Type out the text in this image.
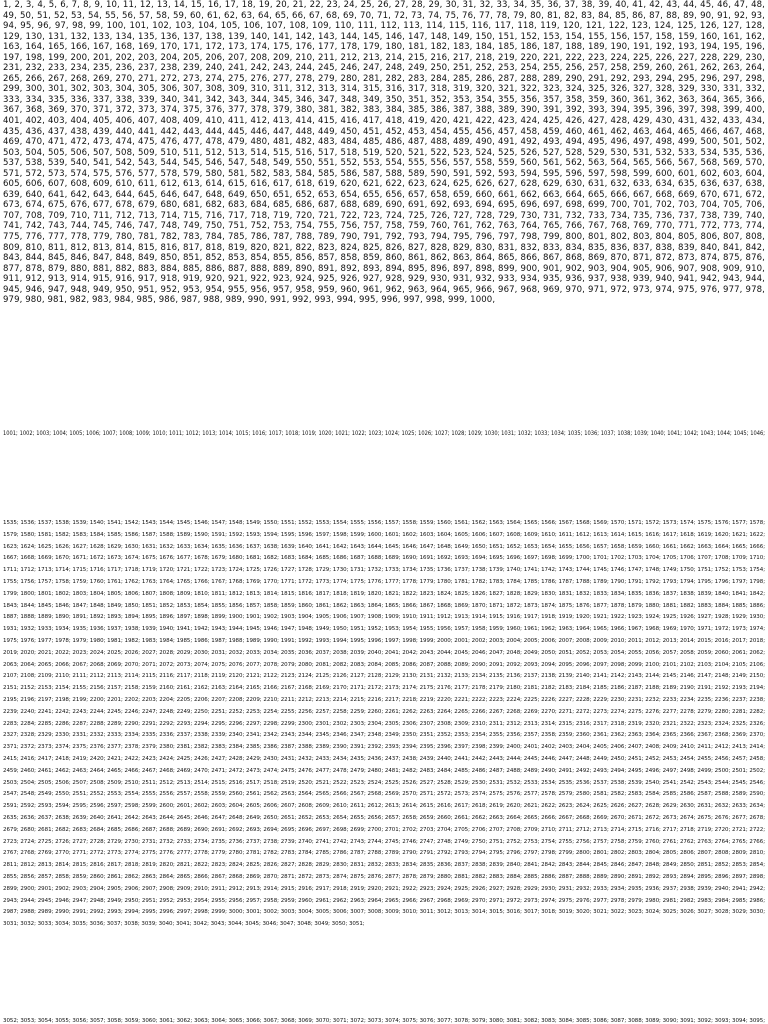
1, 2, 3, 4, 5, 6, 7, 8, 9, 10, 11, 12, 13, 14, 15, 16, 17, 18, 19, 20, 21, 22, 23, 24, 25, 26, 27, 28, 29, 30, 31, 32, 33, 34, 35, 36, 37, 38, 39, 40, 41, 42, 43, 44, 45, 46, 47, 48, 49, 50, 51, 52, 53, 54, 55, 56, 57, 58, 59, 60, 61, 62, 63, 64, 65, 66, 67, 68, 69, 70, 71, 72, 73, 74, 75, 76, 77, 78, 79, 80, 81, 82, 83, 84, 85, 86, 87, 88, 89, 90, 91, 92, 93, 94, 95, 96, 97, 98, 99, 100, 101, 102, 103, 104, 105, 106, 107, 108, 109, 110, 111, 112, 113, 114, 115, 116, 117, 118, 119, 120, 121, 122, 123, 124, 125, 126, 127, 128, 129, 130, 131, 132, 133, 134, 135, 136, 137, 138, 139, 140, 141, 142, 143, 144, 145, 146, 147, 148, 149, 150, 151, 152, 153, 154, 155, 156, 157, 158, 159, 160, 161, 162, 163, 164, 165, 166, 167, 168, 169, 170, 171, 172, 173, 174, 175, 176, 177, 178, 179, 180, 181, 182, 183, 184, 185, 186, 187, 188, 189, 190, 191, 192, 193, 194, 195, 196, 197, 198, 199, 200, 201, 202, 203, 204, 205, 206, 207, 208, 209, 210, 211, 212, 213, 214, 215, 216, 217, 218, 219, 220, 221, 222, 223, 224, 225, 226, 227, 228, 229, 230, 231, 232, 233, 234, 235, 236, 237, 238, 239, 240, 241, 242, 243, 244, 245, 246, 247, 248, 249, 250, 251, 252, 253, 254, 255, 256, 257, 258, 259, 260, 261, 262, 263, 264, 265, 266, 267, 268, 269, 270, 271, 272, 273, 274, 275, 276, 277, 278, 279, 280, 281, 282, 283, 284, 285, 286, 287, 288, 289, 290, 291, 292, 293, 294, 295, 296, 297, 298, 299, 300, 301, 302, 303, 304, 305, 306, 307, 308, 309, 310, 311, 312, 313, 314, 315, 316, 317, 318, 319, 320, 321, 322, 323, 324, 325, 326, 327, 328, 329, 330, 331, 332, 333, 334, 335, 336, 337, 338, 339, 340, 341, 342, 343, 344, 345, 346, 347, 348, 349, 350, 351, 352, 353, 354, 355, 356, 357, 358, 359, 360, 361, 362, 363, 364, 365, 366, 367, 368, 369, 370, 371, 372, 373, 374, 375, 376, 377, 378, 379, 380, 381, 382, 383, 384, 385, 386, 387, 388, 389, 390, 391, 392, 393, 394, 395, 396, 397, 398, 399, 400, 401, 402, 403, 404, 405, 406, 407, 408, 409, 410, 411, 412, 413, 414, 415, 416, 417, 418, 419, 420, 421, 422, 423, 424, 425, 426, 427, 428, 429, 430, 431, 432, 433, 434, 435, 436, 437, 438, 439, 440, 441, 442, 443, 444, 445, 446, 447, 448, 449, 450, 451, 452, 453, 454, 455, 456, 457, 458, 459, 460, 461, 462, 463, 464, 465, 466, 467, 468, 469, 470, 471, 472, 473, 474, 475, 476, 477, 478, 479, 480, 481, 482, 483, 484, 485, 486, 487, 488, 489, 490, 491, 492, 493, 494, 495, 496, 497, 498, 499, 500, 501, 502, 503, 504, 505, 506, 507, 508, 509, 510, 511, 512, 513, 514, 515, 516, 517, 518, 519, 520, 521, 522, 523, 524, 525, 526, 527, 528, 529, 530, 531, 532, 533, 534, 535, 536, 537, 538, 539, 540, 541, 542, 543, 544, 545, 546, 547, 548, 549, 550, 551, 552, 553, 554, 555, 556, 557, 558, 559, 560, 561, 562, 563, 564, 565, 566, 567, 568, 569, 570, 571, 572, 573, 574, 575, 576, 577, 578, 579, 580, 581, 582, 583, 584, 585, 586, 587, 588, 589, 590, 591, 592, 593, 594, 595, 596, 597, 598, 599, 600, 601, 602, 603, 604, 605, 606, 607, 608, 609, 610, 611, 612, 613, 614, 615, 616, 617, 618, 619, 620, 621, 622, 623, 624, 625, 626, 627, 628, 629, 630, 631, 632, 633, 634, 635, 636, 637, 638, 639, 640, 641, 642, 643, 644, 645, 646, 647, 648, 649, 650, 651, 652, 653, 654, 655, 656, 657, 658, 659, 660, 661, 662, 663, 664, 665, 666, 667, 668, 669, 670, 671, 672, 673, 674, 675, 676, 677, 678, 679, 680, 681, 682, 683, 684, 685, 686, 687, 688, 689, 690, 691, 692, 693, 694, 695, 696, 697, 698, 699, 700, 701, 702, 703, 704, 705, 706, 707, 708, 709, 710, 711, 712, 713, 714, 715, 716, 717, 718, 719, 720, 721, 722, 723, 724, 725, 726, 727, 728, 729, 730, 731, 732, 733, 734, 735, 736, 737, 738, 739, 740, 741, 742, 743, 744, 745, 746, 747, 748, 749, 750, 751, 752, 753, 754, 755, 756, 757, 758, 759, 760, 761, 762, 763, 764, 765, 766, 767, 768, 769, 770, 771, 772, 773, 774, 775, 776, 777, 778, 779, 780, 781, 782, 783, 784, 785, 786, 787, 788, 789, 790, 791, 792, 793, 794, 795, 796, 797, 798, 799, 800, 801, 802, 803, 804, 805, 806, 807, 808, 809, 810, 811, 812, 813, 814, 815, 816, 817, 818, 819, 820, 821, 822, 823, 824, 825, 826, 827, 828, 829, 830, 831, 832, 833, 834, 835, 836, 837, 838, 839, 840, 841, 842, 843, 844, 845, 846, 847, 848, 849, 850, 851, 852, 853, 854, 855, 856, 857, 858, 859, 860, 861, 862, 863, 864, 865, 866, 867, 868, 869, 870, 871, 872, 873, 874, 875, 876, 877, 878, 879, 880, 881, 882, 883, 884, 885, 886, 887, 888, 889, 890, 891, 892, 893, 894, 895, 896, 897, 898, 899, 900, 901, 902, 903, 904, 905, 906, 907, 908, 909, 910, 911, 912, 913, 914, 915, 916, 917, 918, 919, 920, 921, 922, 923, 924, 925, 926, 927, 928, 929, 930, 931, 932, 933, 934, 935, 936, 937, 938, 939, 940, 941, 942, 943, 944, 945, 946, 947, 948, 949, 950, 951, 952, 953, 954, 955, 956, 957, 958, 959, 960, 961, 962, 963, 964, 965, 966, 967, 968, 969, 970, 971, 972, 973, 974, 975, 976, 977, 978, 979, 980, 981, 982, 983, 984, 985, 986, 987, 988, 989, 990, 991, 992, 993, 994, 995, 996, 997, 998, 999, 1000,

1001; 1002; 1003; 1004; 1005; 1006; 1007; 1008; 1009; 1010; 1011; 1012; 1013; 1014; 1015; 1016; 1017; 1018; 1019; 1020; 1021; 1022; 1023; 1024; 1025; 1026; 1027; 1028; 1029; 1030; 1031; 1032; 1033; 1034; 1035; 1036; 1037; 1038; 1039; 1040; 1041; 1042; 1043; 1044; 1045; 1046;

1535; 1536; 1537; 1538; 1539; 1540; 1541; 1542; 1543; 1544; 1545; 1546; 1547; 1548; 1549; 1550; 1551; 1552; 1553; 1554; 1555; 1556; 1557; 1558; 1559; 1560; 1561; 1562; 1563; 1564; 1565; 1566; 1567; 1568; 1569; 1570; 1571; 1572; 1573; 1574; 1575; 1576; 1577; 1578; 1579; 1580; 1581; 1582; 1583; 1584; 1585; 1586; 1587; 1588; 1589; 1590; 1591; 1592; 1593; 1594; 1595; 1596; 1597; 1598; 1599; 1600; 1601; 1602; 1603; 1604; 1605; 1606; 1607; 1608; 1609; 1610; 1611; 1612; 1613; 1614; 1615; 1616; 1617; 1618; 1619; 1620; 1621; 1622; 1623; 1624; 1625; 1626; 1627; 1628; 1629; 1630; 1631; 1632; 1633; 1634; 1635; 1636; 1637; 1638; 1639; 1640; 1641; 1642; 1643; 1644; 1645; 1646; 1647; 1648; 1649; 1650; 1651; 1652; 1653; 1654; 1655; 1656; 1657; 1658; 1659; 1660; 1661; 1662; 1663; 1664; 1665; 1666; 1667; 1668; 1669; 1670; 1671; 1672; 1673; 1674; 1675; 1676; 1677; 1678; 1679; 1680; 1681; 1682; 1683; 1684; 1685; 1686; 1687; 1688; 1689; 1690; 1691; 1692; 1693; 1694; 1695; 1696; 1697; 1698; 1699; 1700; 1701; 1702; 1703; 1704; 1705; 1706; 1707; 1708; 1709; 1710; 1711; 1712; 1713; 1714; 1715; 1716; 1717; 1718; 1719; 1720; 1721; 1722; 1723; 1724; 1725; 1726; 1727; 1728; 1729; 1730; 1731; 1732; 1733; 1734; 1735; 1736; 1737; 1738; 1739; 1740; 1741; 1742; 1743; 1744; 1745; 1746; 1747; 1748; 1749; 1750; 1751; 1752; 1753; 1754; 1755; 1756; 1757; 1758; 1759; 1760; 1761; 1762; 1763; 1764; 1765; 1766; 1767; 1768; 1769; 1770; 1771; 1772; 1773; 1774; 1775; 1776; 1777; 1778; 1779; 1780; 1781; 1782; 1783; 1784; 1785; 1786; 1787; 1788; 1789; 1790; 1791; 1792; 1793; 1794; 1795; 1796; 1797; 1798; 1799; 1800; 1801; 1802; 1803; 1804; 1805; 1806; 1807; 1808; 1809; 1810; 1811; 1812; 1813; 1814; 1815; 1816; 1817; 1818; 1819; 1820; 1821; 1822; 1823; 1824; 1825; 1826; 1827; 1828; 1829; 1830; 1831; 1832; 1833; 1834; 1835; 1836; 1837; 1838; 1839; 1840; 1841; 1842; 1843; 1844; 1845; 1846; 1847; 1848; 1849; 1850; 1851; 1852; 1853; 1854; 1855; 1856; 1857; 1858; 1859; 1860; 1861; 1862; 1863; 1864; 1865; 1866; 1867; 1868; 1869; 1870; 1871; 1872; 1873; 1874; 1875; 1876; 1877; 1878; 1879; 1880; 1881; 1882; 1883; 1884; 1885; 1886; 1887; 1888; 1889; 1890; 1891; 1892; 1893; 1894; 1895; 1896; 1897; 1898; 1899; 1900; 1901; 1902; 1903; 1904; 1905; 1906; 1907; 1908; 1909; 1910; 1911; 1912; 1913; 1914; 1915; 1916; 1917; 1918; 1919; 1920; 1921; 1922; 1923; 1924; 1925; 1926; 1927; 1928; 1929; 1930; 1931; 1932; 1933; 1934; 1935; 1936; 1937; 1938; 1939; 1940; 1941; 1942; 1943; 1944; 1945; 1946; 1947; 1948; 1949; 1950; 1951; 1952; 1953; 1954; 1955; 1956; 1957; 1958; 1959; 1960; 1961; 1962; 1963; 1964; 1965; 1966; 1967; 1968; 1969; 1970; 1971; 1972; 1973; 1974; 1975; 1976; 1977; 1978; 1979; 1980; 1981; 1982; 1983; 1984; 1985; 1986; 1987; 1988; 1989; 1990; 1991; 1992; 1993; 1994; 1995; 1996; 1997; 1998; 1999; 2000; 2001; 2002; 2003; 2004; 2005; 2006; 2007; 2008; 2009; 2010; 2011; 2012; 2013; 2014; 2015; 2016; 2017; 2018; 2019; 2020; 2021; 2022; 2023; 2024; 2025; 2026; 2027; 2028; 2029; 2030; 2031; 2032; 2033; 2034; 2035; 2036; 2037; 2038; 2039; 2040; 2041; 2042; 2043; 2044; 2045; 2046; 2047; 2048; 2049; 2050; 2051; 2052; 2053; 2054; 2055; 2056; 2057; 2058; 2059; 2060; 2061; 2062; 2063; 2064; 2065; 2066; 2067; 2068; 2069; 2070; 2071; 2072; 2073; 2074; 2075; 2076; 2077; 2078; 2079; 2080; 2081; 2082; 2083; 2084; 2085; 2086; 2087; 2088; 2089; 2090; 2091; 2092; 2093; 2094; 2095; 2096; 2097; 2098; 2099; 2100; 2101; 2102; 2103; 2104; 2105; 2106; 2107; 2108; 2109; 2110; 2111; 2112; 2113; 2114; 2115; 2116; 2117; 2118; 2119; 2120; 2121; 2122; 2123; 2124; 2125; 2126; 2127; 2128; 2129; 2130; 2131; 2132; 2133; 2134; 2135; 2136; 2137; 2138; 2139; 2140; 2141; 2142; 2143; 2144; 2145; 2146; 2147; 2148; 2149; 2150; 2151; 2152; 2153; 2154; 2155; 2156; 2157; 2158; 2159; 2160; 2161; 2162; 2163; 2164; 2165; 2166; 2167; 2168; 2169; 2170; 2171; 2172; 2173; 2174; 2175; 2176; 2177; 2178; 2179; 2180; 2181; 2182; 2183; 2184; 2185; 2186; 2187; 2188; 2189; 2190; 2191; 2192; 2193; 2194; 2195; 2196; 2197; 2198; 2199; 2200; 2201; 2202; 2203; 2204; 2205; 2206; 2207; 2208; 2209; 2210; 2211; 2212; 2213; 2214; 2215; 2216; 2217; 2218; 2219; 2220; 2221; 2222; 2223; 2224; 2225; 2226; 2227; 2228; 2229; 2230; 2231; 2232; 2233; 2234; 2235; 2236; 2237; 2238; 2239; 2240; 2241; 2242; 2243; 2244; 2245; 2246; 2247; 2248; 2249; 2250; 2251; 2252; 2253; 2254; 2255; 2256; 2257; 2258; 2259; 2260; 2261; 2262; 2263; 2264; 2265; 2266; 2267; 2268; 2269; 2270; 2271; 2272; 2273; 2274; 2275; 2276; 2277; 2278; 2279; 2280; 2281; 2282; 2283; 2284; 2285; 2286; 2287; 2288; 2289; 2290; 2291; 2292; 2293; 2294; 2295; 2296; 2297; 2298; 2299; 2300; 2301; 2302; 2303; 2304; 2305; 2306; 2307; 2308; 2309; 2310; 2311; 2312; 2313; 2314; 2315; 2316; 2317; 2318; 2319; 2320; 2321; 2322; 2323; 2324; 2325; 2326; 2327; 2328; 2329; 2330; 2331; 2332; 2333; 2334; 2335; 2336; 2337; 2338; 2339; 2340; 2341; 2342; 2343; 2344; 2345; 2346; 2347; 2348; 2349; 2350; 2351; 2352; 2353; 2354; 2355; 2356; 2357; 2358; 2359; 2360; 2361; 2362; 2363; 2364; 2365; 2366; 2367; 2368; 2369; 2370; 2371; 2372; 2373; 2374; 2375; 2376; 2377; 2378; 2379; 2380; 2381; 2382; 2383; 2384; 2385; 2386; 2387; 2388; 2389; 2390; 2391; 2392; 2393; 2394; 2395; 2396; 2397; 2398; 2399; 2400; 2401; 2402; 2403; 2404; 2405; 2406; 2407; 2408; 2409; 2410; 2411; 2412; 2413; 2414; 2415; 2416; 2417; 2418; 2419; 2420; 2421; 2422; 2423; 2424; 2425; 2426; 2427; 2428; 2429; 2430; 2431; 2432; 2433; 2434; 2435; 2436; 2437; 2438; 2439; 2440; 2441; 2442; 2443; 2444; 2445; 2446; 2447; 2448; 2449; 2450; 2451; 2452; 2453; 2454; 2455; 2456; 2457; 2458; 2459; 2460; 2461; 2462; 2463; 2464; 2465; 2466; 2467; 2468; 2469; 2470; 2471; 2472; 2473; 2474; 2475; 2476; 2477; 2478; 2479; 2480; 2481; 2482; 2483; 2484; 2485; 2486; 2487; 2488; 2489; 2490; 2491; 2492; 2493; 2494; 2495; 2496; 2497; 2498; 2499; 2500; 2501; 2502; 2503; 2504; 2505; 2506; 2507; 2508; 2509; 2510; 2511; 2512; 2513; 2514; 2515; 2516; 2517; 2518; 2519; 2520; 2521; 2522; 2523; 2524; 2525; 2526; 2527; 2528; 2529; 2530; 2531; 2532; 2533; 2534; 2535; 2536; 2537; 2538; 2539; 2540; 2541; 2542; 2543; 2544; 2545; 2546; 2547; 2548; 2549; 2550; 2551; 2552; 2553; 2554; 2555; 2556; 2557; 2558; 2559; 2560; 2561; 2562; 2563; 2564; 2565; 2566; 2567; 2568; 2569; 2570; 2571; 2572; 2573; 2574; 2575; 2576; 2577; 2578; 2579; 2580; 2581; 2582; 2583; 2584; 2585; 2586; 2587; 2588; 2589; 2590; 2591; 2592; 2593; 2594; 2595; 2596; 2597; 2598; 2599; 2600; 2601; 2602; 2603; 2604; 2605; 2606; 2607; 2608; 2609; 2610; 2611; 2612; 2613; 2614; 2615; 2616; 2617; 2618; 2619; 2620; 2621; 2622; 2623; 2624; 2625; 2626; 2627; 2628; 2629; 2630; 2631; 2632; 2633; 2634; 2635; 2636; 2637; 2638; 2639; 2640; 2641; 2642; 2643; 2644; 2645; 2646; 2647; 2648; 2649; 2650; 2651; 2652; 2653; 2654; 2655; 2656; 2657; 2658; 2659; 2660; 2661; 2662; 2663; 2664; 2665; 2666; 2667; 2668; 2669; 2670; 2671; 2672; 2673; 2674; 2675; 2676; 2677; 2678; 2679; 2680; 2681; 2682; 2683; 2684; 2685; 2686; 2687; 2688; 2689; 2690; 2691; 2692; 2693; 2694; 2695; 2696; 2697; 2698; 2699; 2700; 2701; 2702; 2703; 2704; 2705; 2706; 2707; 2708; 2709; 2710; 2711; 2712; 2713; 2714; 2715; 2716; 2717; 2718; 2719; 2720; 2721; 2722; 2723; 2724; 2725; 2726; 2727; 2728; 2729; 2730; 2731; 2732; 2733; 2734; 2735; 2736; 2737; 2738; 2739; 2740; 2741; 2742; 2743; 2744; 2745; 2746; 2747; 2748; 2749; 2750; 2751; 2752; 2753; 2754; 2755; 2756; 2757; 2758; 2759; 2760; 2761; 2762; 2763; 2764; 2765; 2766; 2767; 2768; 2769; 2770; 2771; 2772; 2773; 2774; 2775; 2776; 2777; 2778; 2779; 2780; 2781; 2782; 2783; 2784; 2785; 2786; 2787; 2788; 2789; 2790; 2791; 2792; 2793; 2794; 2795; 2796; 2797; 2798; 2799; 2800; 2801; 2802; 2803; 2804; 2805; 2806; 2807; 2808; 2809; 2810; 2811; 2812; 2813; 2814; 2815; 2816; 2817; 2818; 2819; 2820; 2821; 2822; 2823; 2824; 2825; 2826; 2827; 2828; 2829; 2830; 2831; 2832; 2833; 2834; 2835; 2836; 2837; 2838; 2839; 2840; 2841; 2842; 2843; 2844; 2845; 2846; 2847; 2848; 2849; 2850; 2851; 2852; 2853; 2854; 2855; 2856; 2857; 2858; 2859; 2860; 2861; 2862; 2863; 2864; 2865; 2866; 2867; 2868; 2869; 2870; 2871; 2872; 2873; 2874; 2875; 2876; 2877; 2878; 2879; 2880; 2881; 2882; 2883; 2884; 2885; 2886; 2887; 2888; 2889; 2890; 2891; 2892; 2893; 2894; 2895; 2896; 2897; 2898; 2899; 2900; 2901; 2902; 2903; 2904; 2905; 2906; 2907; 2908; 2909; 2910; 2911; 2912; 2913; 2914; 2915; 2916; 2917; 2918; 2919; 2920; 2921; 2922; 2923; 2924; 2925; 2926; 2927; 2928; 2929; 2930; 2931; 2932; 2933; 2934; 2935; 2936; 2937; 2938; 2939; 2940; 2941; 2942; 2943; 2944; 2945; 2946; 2947; 2948; 2949; 2950; 2951; 2952; 2953; 2954; 2955; 2956; 2957; 2958; 2959; 2960; 2961; 2962; 2963; 2964; 2965; 2966; 2967; 2968; 2969; 2970; 2971; 2972; 2973; 2974; 2975; 2976; 2977; 2978; 2979; 2980; 2981; 2982; 2983; 2984; 2985; 2986; 2987; 2988; 2989; 2990; 2991; 2992; 2993; 2994; 2995; 2996; 2997; 2998; 2999; 3000; 3001; 3002; 3003; 3004; 3005; 3006; 3007; 3008; 3009; 3010; 3011; 3012; 3013; 3014; 3015; 3016; 3017; 3018; 3019; 3020; 3021; 3022; 3023; 3024; 3025; 3026; 3027; 3028; 3029; 3030; 3031; 3032; 3033; 3034; 3035; 3036; 3037; 3038; 3039; 3040; 3041; 3042; 3043; 3044; 3045; 3046; 3047; 3048; 3049; 3050; 3051;

3052; 3053; 3054; 3055; 3056; 3057; 3058; 3059; 3060; 3061; 3062; 3063; 3064; 3065; 3066; 3067; 3068; 3069; 3070; 3071; 3072; 3073; 3074; 3075; 3076; 3077; 3078; 3079; 3080; 3081; 3082; 3083; 3084; 3085; 3086; 3087; 3088; 3089; 3090; 3091; 3092; 3093; 3094; 3095;
